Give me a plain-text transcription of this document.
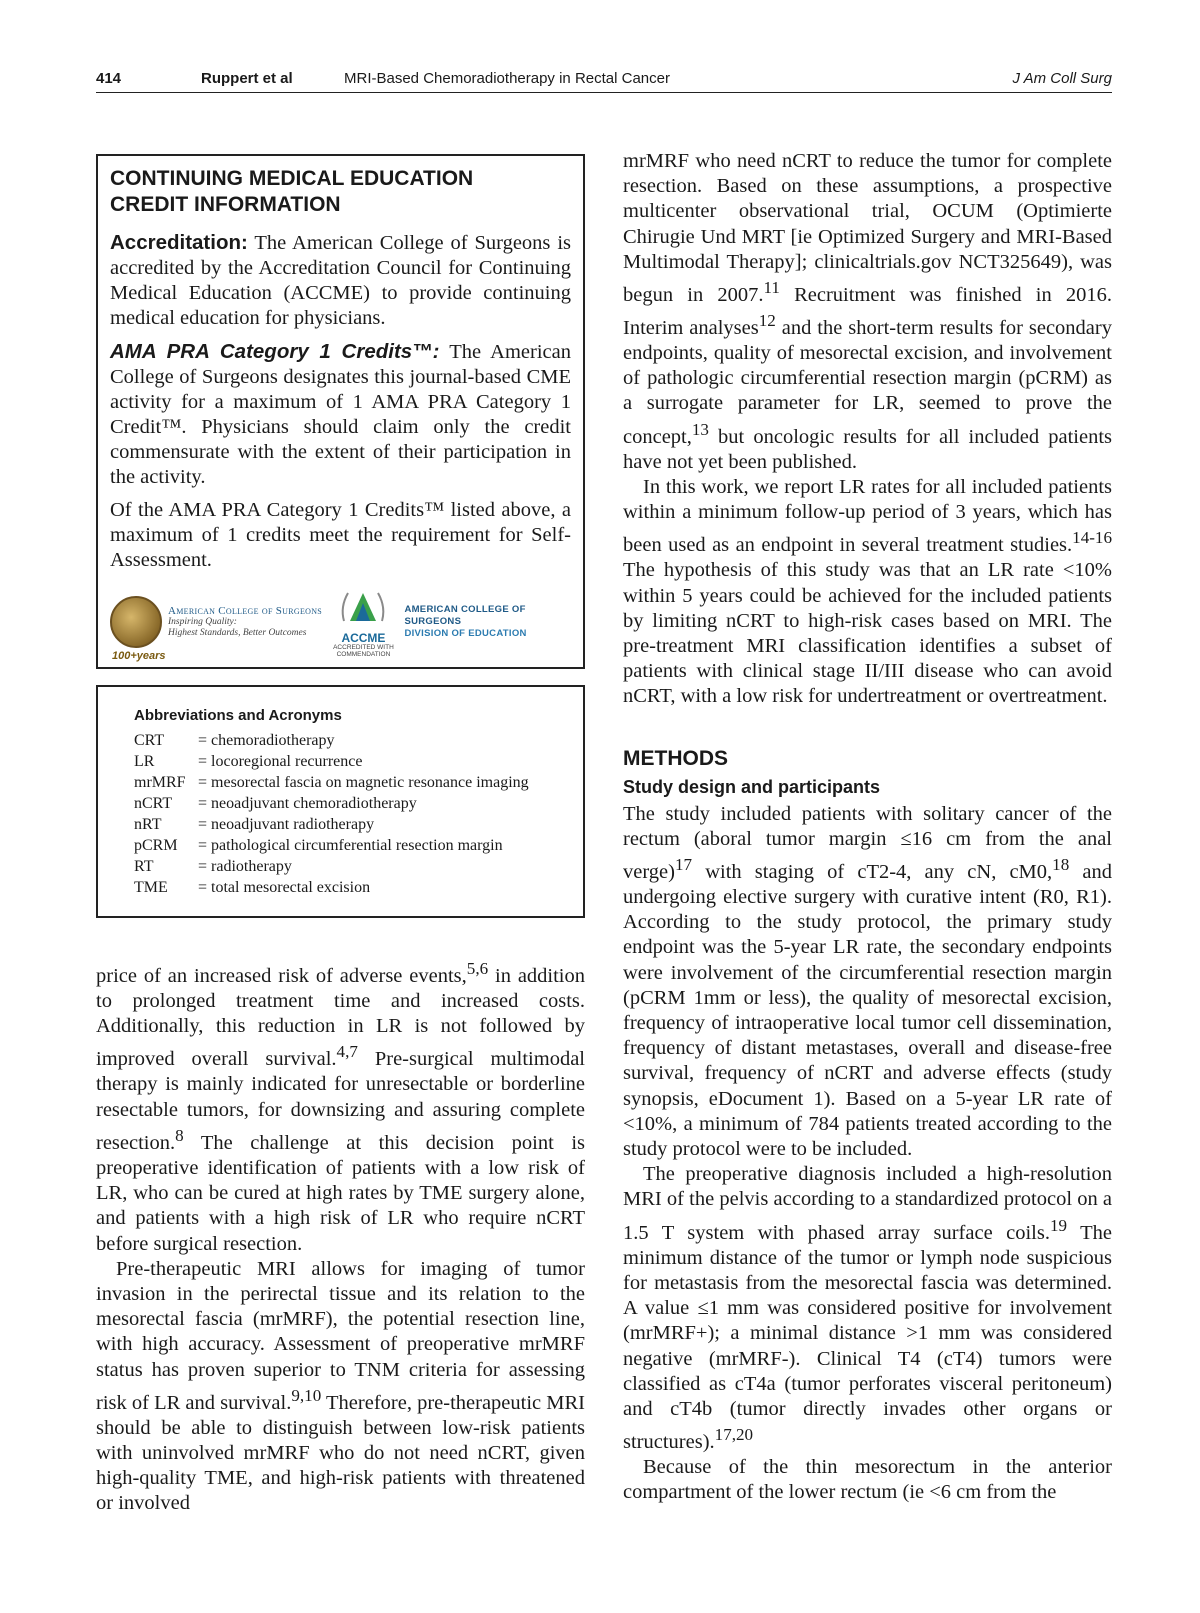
414	Ruppert et al	MRI-Based Chemoradiotherapy in Rectal Cancer	J Am Coll Surg
CONTINUING MEDICAL EDUCATION
CREDIT INFORMATION

Accreditation: The American College of Surgeons is accredited by the Accreditation Council for Continuing Medical Education (ACCME) to provide continuing medical education for physicians.

AMA PRA Category 1 Credits™: The American College of Surgeons designates this journal-based CME activity for a maximum of 1 AMA PRA Category 1 Credit™. Physicians should claim only the credit commensurate with the extent of their participation in the activity.

Of the AMA PRA Category 1 Credits™ listed above, a maximum of 1 credits meet the requirement for Self-Assessment.

100+years
American College of Surgeons
Inspiring Quality:
Highest Standards, Better Outcomes	ACCME
ACCREDITED WITH
COMMENDATION
AMERICAN COLLEGE OF SURGEONS
DIVISION OF EDUCATION
Abbreviations and Acronyms
CRT	= chemoradiotherapy
LR	= locoregional recurrence
mrMRF = mesorectal fascia on magnetic resonance imaging
nCRT	= neoadjuvant chemoradiotherapy
nRT	= neoadjuvant radiotherapy
pCRM	= pathological circumferential resection margin
RT	= radiotherapy
TME	= total mesorectal excision

price of an increased risk of adverse events,$^{5,6}$ in addition to prolonged treatment time and increased costs. Additionally, this reduction in LR is not followed by improved overall survival.$^{4,7}$ Pre-surgical multimodal therapy is mainly indicated for unresectable or borderline resectable tumors, for downsizing and assuring complete resection.$^8$ The challenge at this decision point is preoperative identification of patients with a low risk of LR, who can be cured at high rates by TME surgery alone, and patients with a high risk of LR who require nCRT before surgical resection.

Pre-therapeutic MRI allows for imaging of tumor invasion in the perirectal tissue and its relation to the mesorectal fascia (mrMRF), the potential resection line, with high accuracy. Assessment of preoperative mrMRF status has proven superior to TNM criteria for assessing risk of LR and survival.$^{9,10}$ Therefore, pre-therapeutic MRI should be able to distinguish between low-risk patients with uninvolved mrMRF who do not need nCRT, given high-quality TME, and high-risk patients with threatened or involved

mrMRF who need nCRT to reduce the tumor for complete resection. Based on these assumptions, a prospective multicenter observational trial, OCUM (Optimierte Chirugie Und MRT [ie Optimized Surgery and MRI-Based Multimodal Therapy]; clinicaltrials.gov NCT325649), was begun in 2007.11 Recruitment was finished in 2016. Interim analyses$^{12}$ and the short-term results for secondary endpoints, quality of mesorectal excision, and involvement of pathologic circumferential resection margin (pCRM) as a surrogate parameter for LR, seemed to prove the concept,$^{13}$ but oncologic results for all included patients have not yet been published.

In this work, we report LR rates for all included patients within a minimum follow-up period of 3 years, which has been used as an endpoint in several treatment studies.$^{14-16}$ The hypothesis of this study was that an LR rate <10% within 5 years could be achieved for the included patients by limiting nCRT to high-risk cases based on MRI. The pre-treatment MRI classification identifies a subset of patients with clinical stage II/III disease who can avoid nCRT, with a low risk for undertreatment or overtreatment.

METHODS
Study design and participants

The study included patients with solitary cancer of the rectum (aboral tumor margin ≤16 cm from the anal verge)$^{17}$ with staging of cT2-4, any cN, cM0,18 and undergoing elective surgery with curative intent (R0, R1). According to the study protocol, the primary study endpoint was the 5-year LR rate, the secondary endpoints were involvement of the circumferential resection margin (pCRM 1mm or less), the quality of mesorectal excision, frequency of intraoperative local tumor cell dissemination, frequency of distant metastases, overall and disease-free survival, frequency of nCRT and adverse effects (study synopsis, eDocument 1). Based on a 5-year LR rate of <10%, a minimum of 784 patients treated according to the study protocol were to be included.

The preoperative diagnosis included a high-resolution MRI of the pelvis according to a standardized protocol on a 1.5 T system with phased array surface coils.$^{19}$ The minimum distance of the tumor or lymph node suspicious for metastasis from the mesorectal fascia was determined. A value ≤1 mm was considered positive for involvement (mrMRF+); a minimal distance >1 mm was considered negative (mrMRF-). Clinical T4 (cT4) tumors were classified as cT4a (tumor perforates visceral peritoneum) and cT4b (tumor directly invades other organs or structures).$^{17,20}$

Because of the thin mesorectum in the anterior compartment of the lower rectum (ie <6 cm from the
